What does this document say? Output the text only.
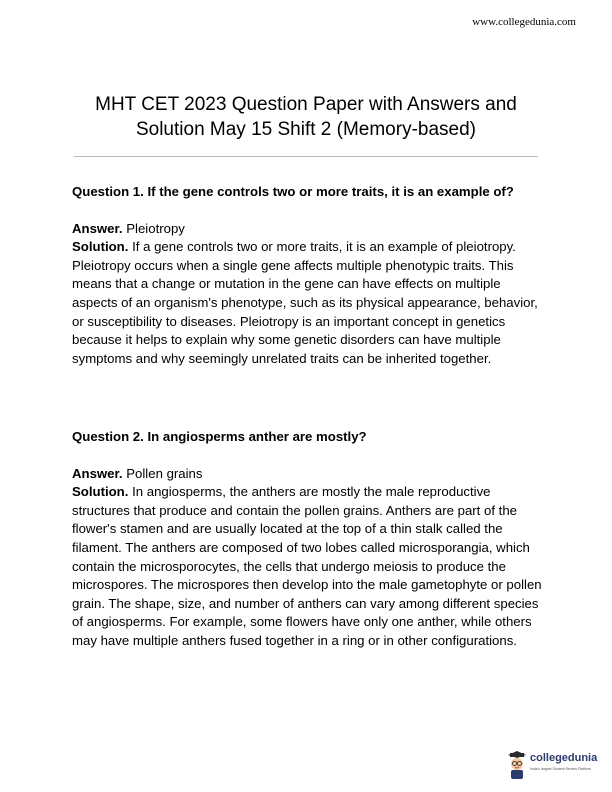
www.collegedunia.com
MHT CET 2023 Question Paper with Answers and
Solution May 15 Shift 2 (Memory-based)

Question 1. If the gene controls two or more traits, it is an example of?

Answer. Pleiotropy

Solution. If a gene controls two or more traits, it is an example of pleiotropy. Pleiotropy occurs when a single gene affects multiple phenotypic traits. This means that a change or mutation in the gene can have effects on multiple aspects of an organism's phenotype, such as its physical appearance, behavior, or susceptibility to diseases. Pleiotropy is an important concept in genetics because it helps to explain why some genetic disorders can have multiple symptoms and why seemingly unrelated traits can be inherited together.

Question 2. In angiosperms anther are mostly?

Answer. Pollen grains

Solution. In angiosperms, the anthers are mostly the male reproductive structures that produce and contain the pollen grains. Anthers are part of the flower's stamen and are usually located at the top of a thin stalk called the filament. The anthers are composed of two lobes called microsporangia, which contain the microsporocytes, the cells that undergo meiosis to produce the microspores. The microspores then develop into the male gametophyte or pollen grain. The shape, size, and number of anthers can vary among different species of angiosperms. For example, some flowers have only one anther, while others may have multiple anthers fused together in a ring or in other configurations.

collegedunia
India's largest Student Review Platform
